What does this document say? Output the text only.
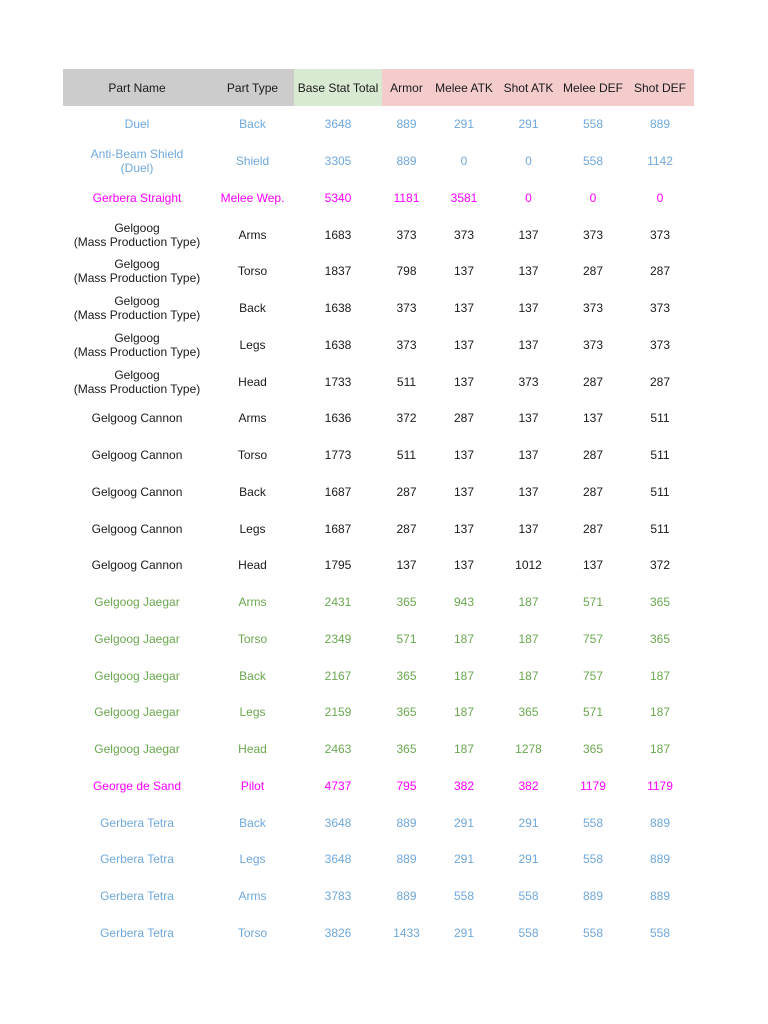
Part Name	Part Type	Base Stat Total	Armor	Melee ATK	Shot ATK	Melee DEF	Shot DEF

Duel	Back	3648	889	291	291	558	889

Anti-Beam Shield
(Duel)	Shield	3305	889	0	0	558	1142

Gerbera Straight	Melee Wep.	5340	1181	3581	0	0	0

Gelgoog
(Mass Production Type)	Arms	1683	373	373	137	373	373

Gelgoog
(Mass Production Type)	Torso	1837	798	137	137	287	287

Gelgoog
(Mass Production Type)	Back	1638	373	137	137	373	373

Gelgoog
(Mass Production Type)	Legs	1638	373	137	137	373	373

Gelgoog
(Mass Production Type)	Head	1733	511	137	373	287	287

Gelgoog Cannon	Arms	1636	372	287	137	137	511

Gelgoog Cannon	Torso	1773	511	137	137	287	511

Gelgoog Cannon	Back	1687	287	137	137	287	511

Gelgoog Cannon	Legs	1687	287	137	137	287	511

Gelgoog Cannon	Head	1795	137	137	1012	137	372

Gelgoog Jaegar	Arms	2431	365	943	187	571	365

Gelgoog Jaegar	Torso	2349	571	187	187	757	365

Gelgoog Jaegar	Back	2167	365	187	187	757	187

Gelgoog Jaegar	Legs	2159	365	187	365	571	187

Gelgoog Jaegar	Head	2463	365	187	1278	365	187

George de Sand	Pilot	4737	795	382	382	1179	1179

Gerbera Tetra	Back	3648	889	291	291	558	889

Gerbera Tetra	Legs	3648	889	291	291	558	889

Gerbera Tetra	Arms	3783	889	558	558	889	889

Gerbera Tetra	Torso	3826	1433	291	558	558	558
